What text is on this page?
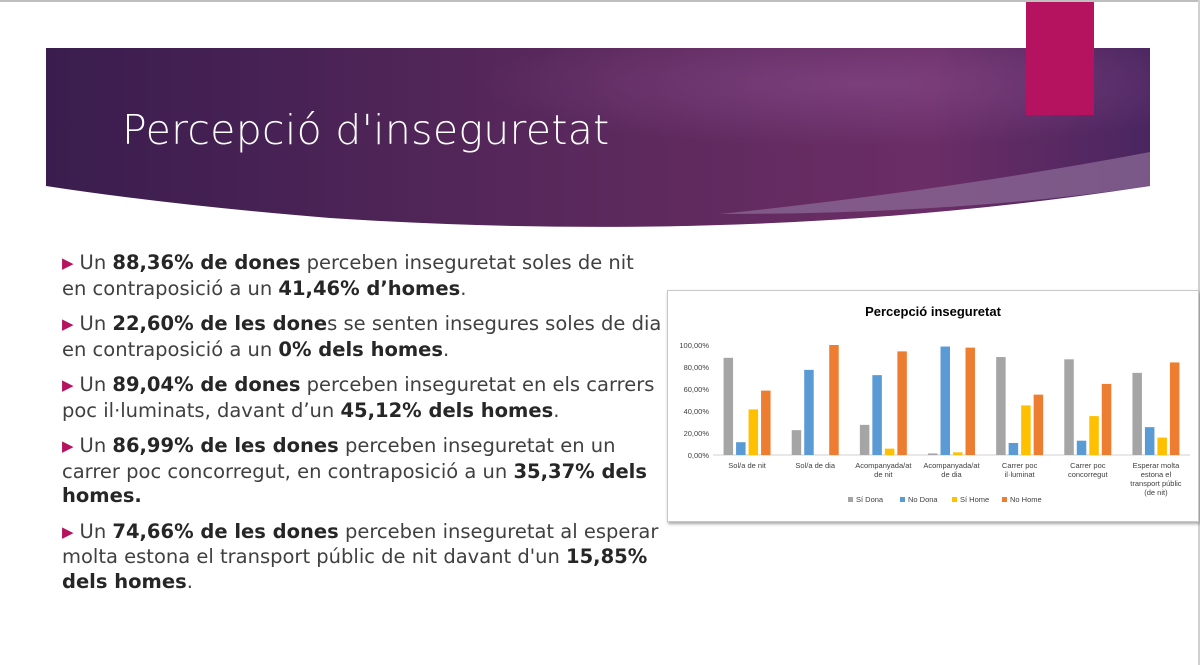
Percepció d'inseguretat
▶ Un 88,36% de dones perceben inseguretat soles de nit en contraposició a un 41,46% d’homes.
▶ Un 22,60% de les dones se senten insegures soles de dia en contraposició a un 0% dels homes.
▶ Un 89,04% de dones perceben inseguretat en els carrers poc il·luminats, davant d’un 45,12% dels homes.
▶ Un 86,99% de les dones perceben inseguretat en un carrer poc concorregut, en contraposició a un 35,37% dels homes.
▶ Un 74,66% de les dones perceben inseguretat al esperar molta estona el transport públic de nit davant d'un 15,85% dels homes.
Percepció inseguretat
0,00%
20,00%
40,00%
60,00%
80,00%
100,00%
Sol/a de nit	Sol/a de dia	Acompanyada/at
de nit
Acompanyada/at
de dia
Carrer poc
il·luminat
Carrer poc
concorregut
Esperar molta
estona el
transport públic
(de nit)
Sí Dona	No Dona	Sí Home	No Home
